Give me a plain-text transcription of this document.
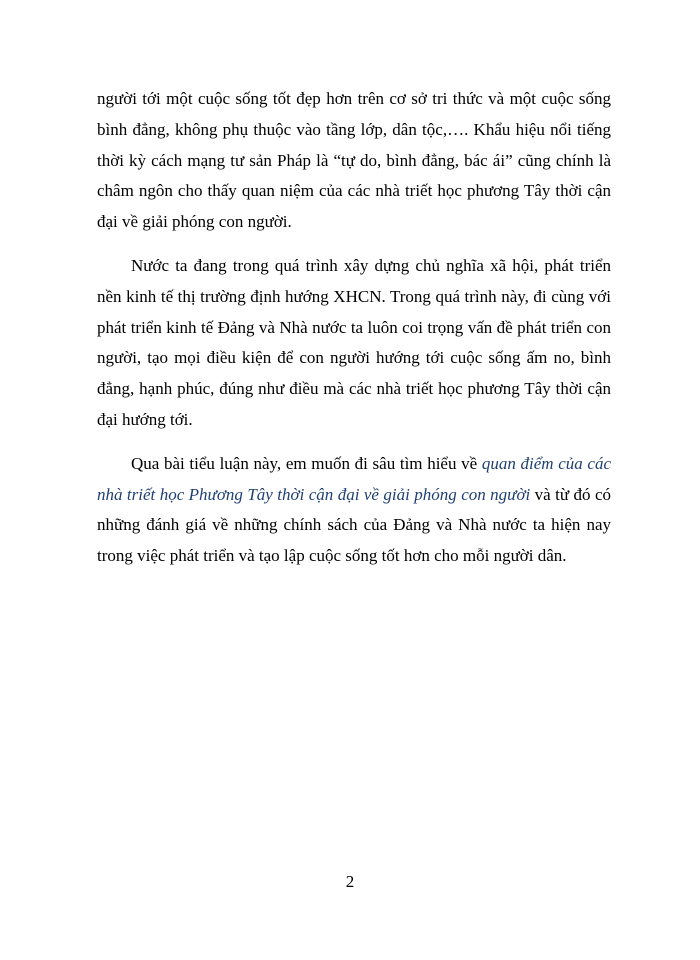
người tới một cuộc sống tốt đẹp hơn trên cơ sở tri thức và một cuộc sống bình đẳng, không phụ thuộc vào tầng lớp, dân tộc,…. Khẩu hiệu nổi tiếng thời kỳ cách mạng tư sản Pháp là “tự do, bình đẳng, bác ái” cũng chính là châm ngôn cho thấy quan niệm của các nhà triết học phương Tây thời cận đại về giải phóng con người.

Nước ta đang trong quá trình xây dựng chủ nghĩa xã hội, phát triển nền kinh tế thị trường định hướng XHCN. Trong quá trình này, đi cùng với phát triển kinh tế Đảng và Nhà nước ta luôn coi trọng vấn đề phát triển con người, tạo mọi điều kiện để con người hướng tới cuộc sống ấm no, bình đẳng, hạnh phúc, đúng như điều mà các nhà triết học phương Tây thời cận đại hướng tới.

Qua bài tiểu luận này, em muốn đi sâu tìm hiểu về quan điểm của các nhà triết học Phương Tây thời cận đại về giải phóng con người và từ đó có những đánh giá về những chính sách của Đảng và Nhà nước ta hiện nay trong việc phát triển và tạo lập cuộc sống tốt hơn cho mỗi người dân.

2
